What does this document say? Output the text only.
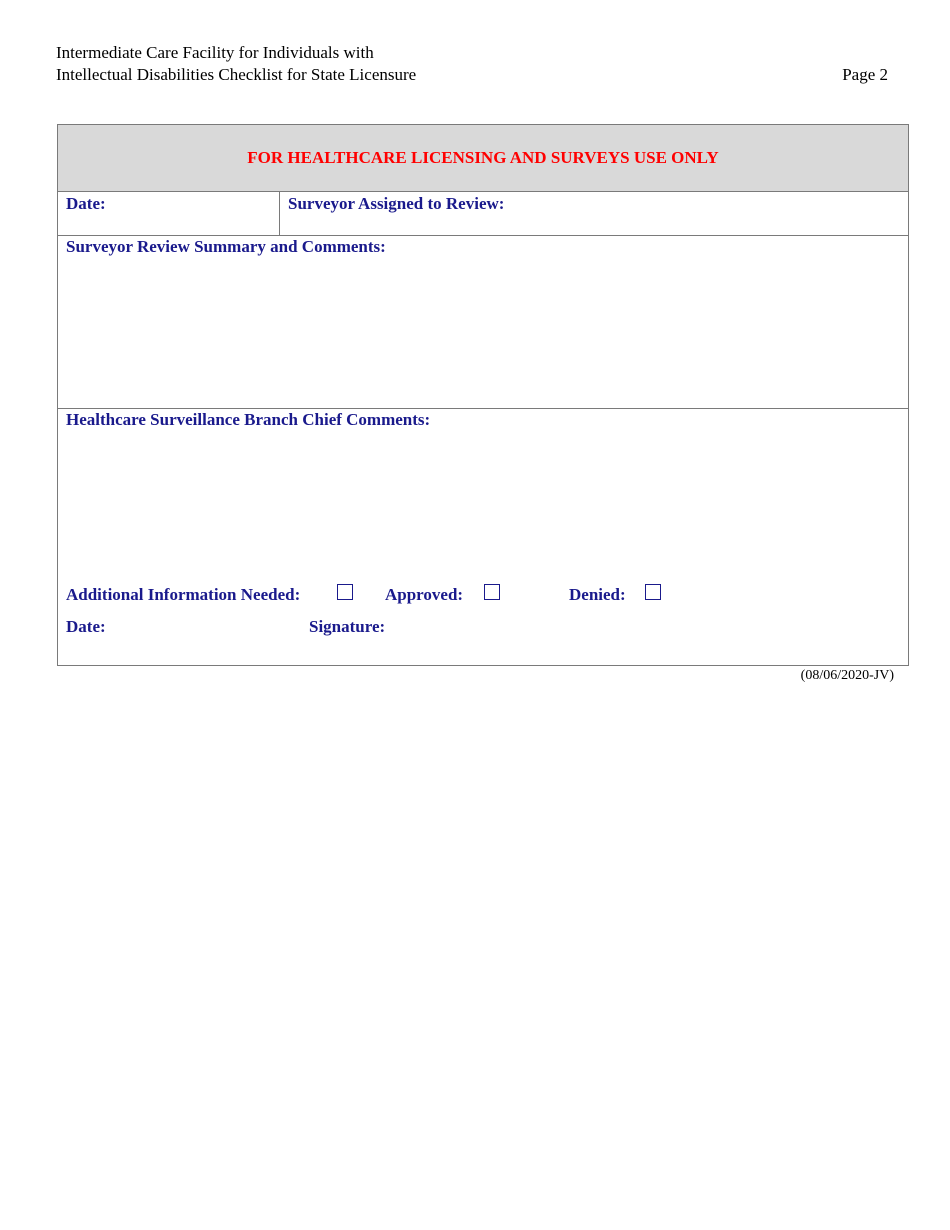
Intermediate Care Facility for Individuals with
Intellectual Disabilities Checklist for State Licensure	Page 2
FOR HEALTHCARE LICENSING AND SURVEYS USE ONLY
Date:	Surveyor Assigned to Review:
Surveyor Review Summary and Comments:
Healthcare Surveillance Branch Chief Comments:
Additional Information Needed:	Approved:	Denied:
Date:	Signature:
(08/06/2020-JV)
